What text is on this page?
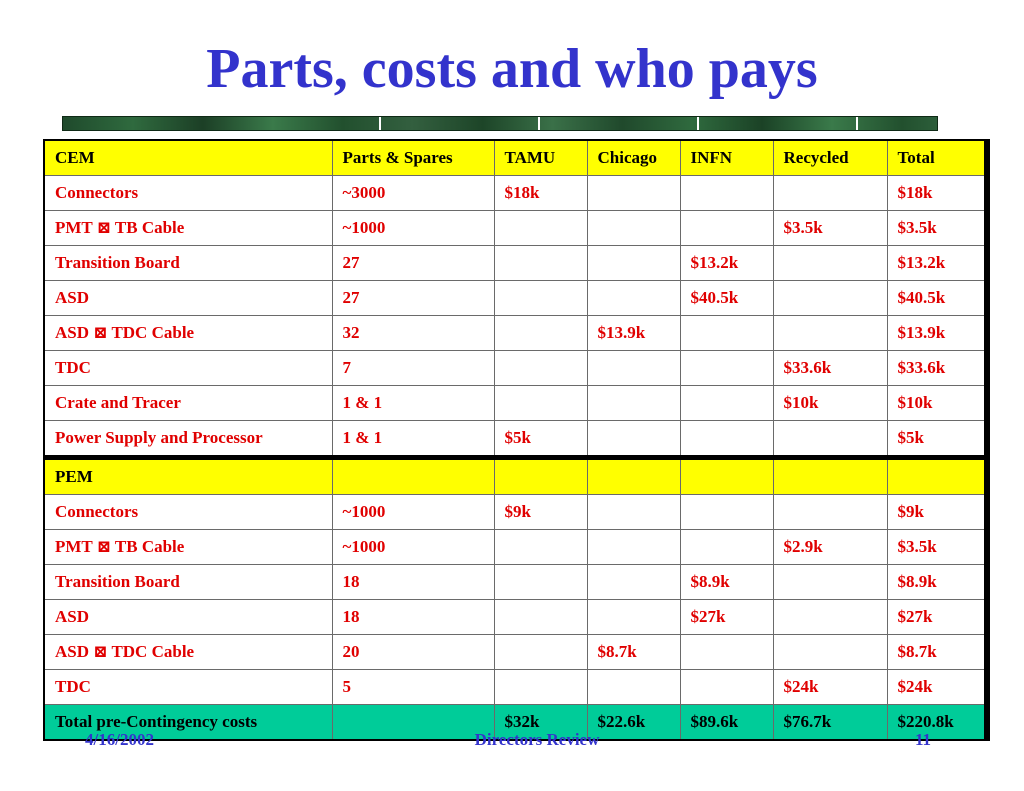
Parts, costs and who pays
CEM	Parts & Spares	TAMU	Chicago	INFN	Recycled	Total
Connectors	~3000	$18k				$18k
PMT ⊠ TB Cable	~1000				$3.5k	$3.5k
Transition Board	27			$13.2k		$13.2k
ASD	27			$40.5k		$40.5k
ASD ⊠ TDC Cable	32		$13.9k			$13.9k
TDC	7				$33.6k	$33.6k
Crate and Tracer	1 & 1				$10k	$10k
Power Supply and Processor	1 & 1	$5k				$5k
PEM						
Connectors	~1000	$9k				$9k
PMT ⊠ TB Cable	~1000				$2.9k	$3.5k
Transition Board	18			$8.9k		$8.9k
ASD	18			$27k		$27k
ASD ⊠ TDC Cable	20		$8.7k			$8.7k
TDC	5				$24k	$24k
Total pre-Contingency costs		$32k	$22.6k	$89.6k	$76.7k	$220.8k
4/16/2002	Directors Review	11
